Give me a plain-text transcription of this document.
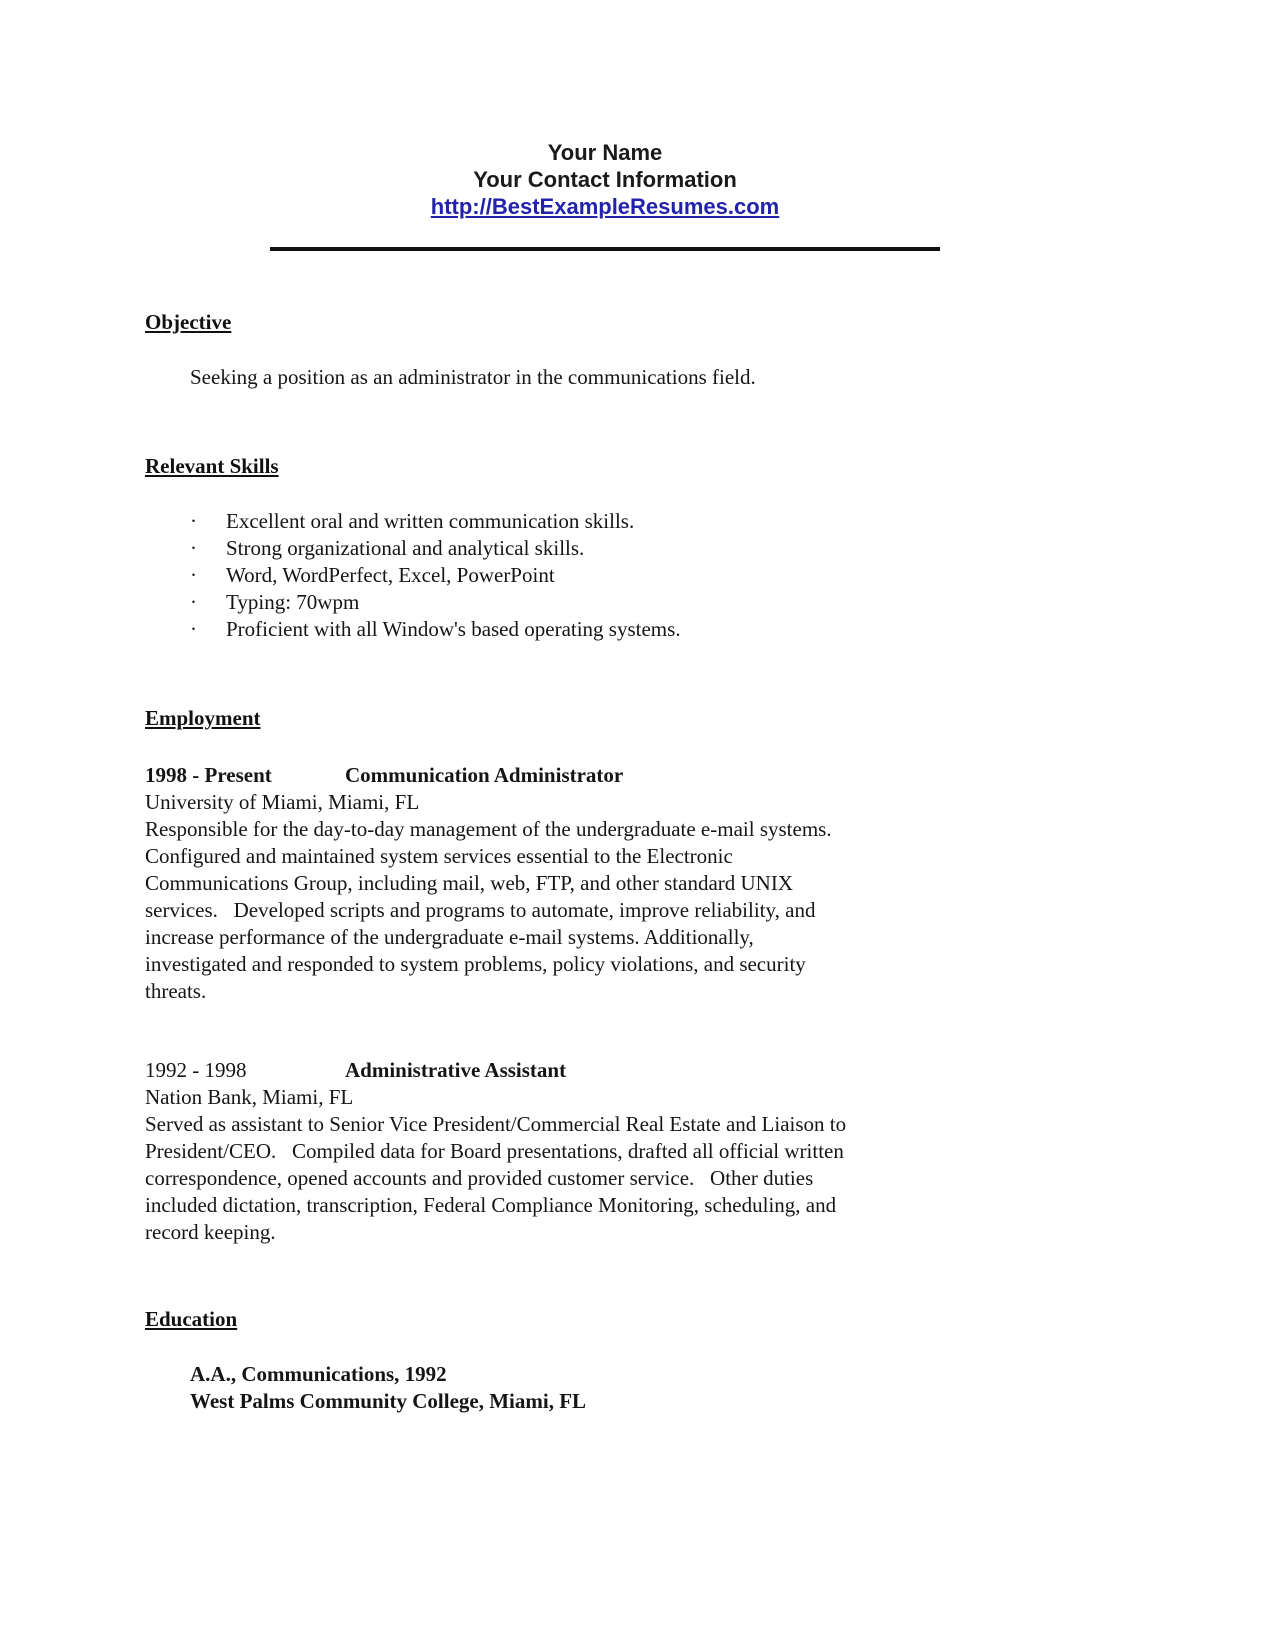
Your Name
Your Contact Information
http://BestExampleResumes.com
Objective

Seeking a position as an administrator in the communications field.

Relevant Skills
· Excellent oral and written communication skills.
· Strong organizational and analytical skills.
· Word, WordPerfect, Excel, PowerPoint
· Typing: 70wpm
· Proficient with all Window's based operating systems.
Employment
1998 - Present	Communication Administrator

University of Miami, Miami, FL

Responsible for the day-to-day management of the undergraduate e-mail systems.   Configured and maintained system services essential to the Electronic Communications Group, including mail, web, FTP, and other standard UNIX services.   Developed scripts and programs to automate, improve reliability, and increase performance of the undergraduate e-mail systems. Additionally, investigated and responded to system problems, policy violations, and security threats.

1992 - 1998	Administrative Assistant

Nation Bank, Miami, FL

Served as assistant to Senior Vice President/Commercial Real Estate and Liaison to President/CEO.   Compiled data for Board presentations, drafted all official written correspondence, opened accounts and provided customer service.   Other duties included dictation, transcription, Federal Compliance Monitoring, scheduling, and record keeping.

Education

A.A., Communications, 1992

West Palms Community College, Miami, FL
